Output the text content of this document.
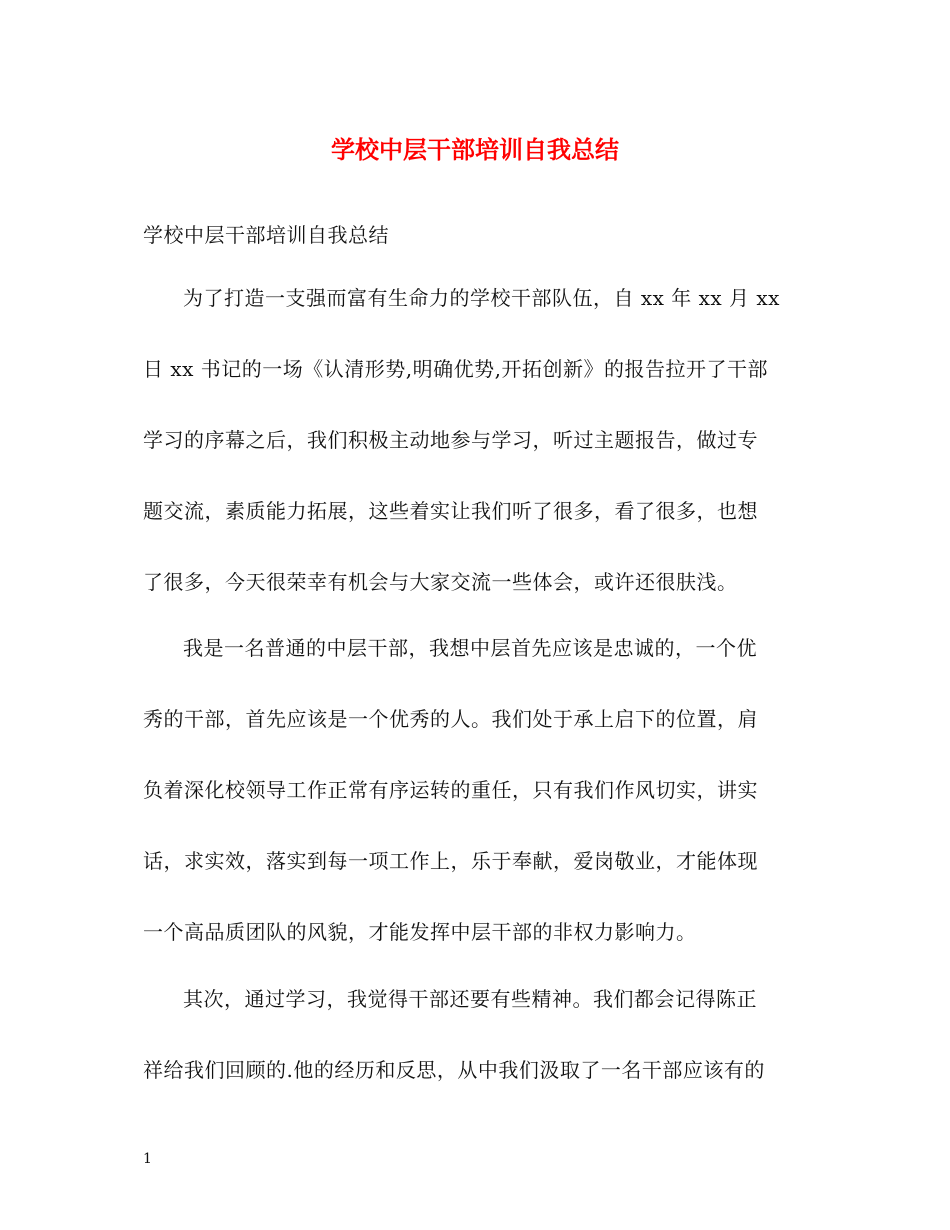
学校中层干部培训自我总结
学校中层干部培训自我总结
为了打造一支强而富有生命力的学校干部队伍，自 xx 年 xx 月 xx
日 xx 书记的一场《认清形势,明确优势,开拓创新》的报告拉开了干部
学习的序幕之后，我们积极主动地参与学习，听过主题报告，做过专
题交流，素质能力拓展，这些着实让我们听了很多，看了很多，也想
了很多，今天很荣幸有机会与大家交流一些体会，或许还很肤浅。
我是一名普通的中层干部，我想中层首先应该是忠诚的，一个优
秀的干部，首先应该是一个优秀的人。我们处于承上启下的位置，肩
负着深化校领导工作正常有序运转的重任，只有我们作风切实，讲实
话，求实效，落实到每一项工作上，乐于奉献，爱岗敬业，才能体现
一个高品质团队的风貌，才能发挥中层干部的非权力影响力。
其次，通过学习，我觉得干部还要有些精神。我们都会记得陈正
祥给我们回顾的.他的经历和反思，从中我们汲取了一名干部应该有的
1
